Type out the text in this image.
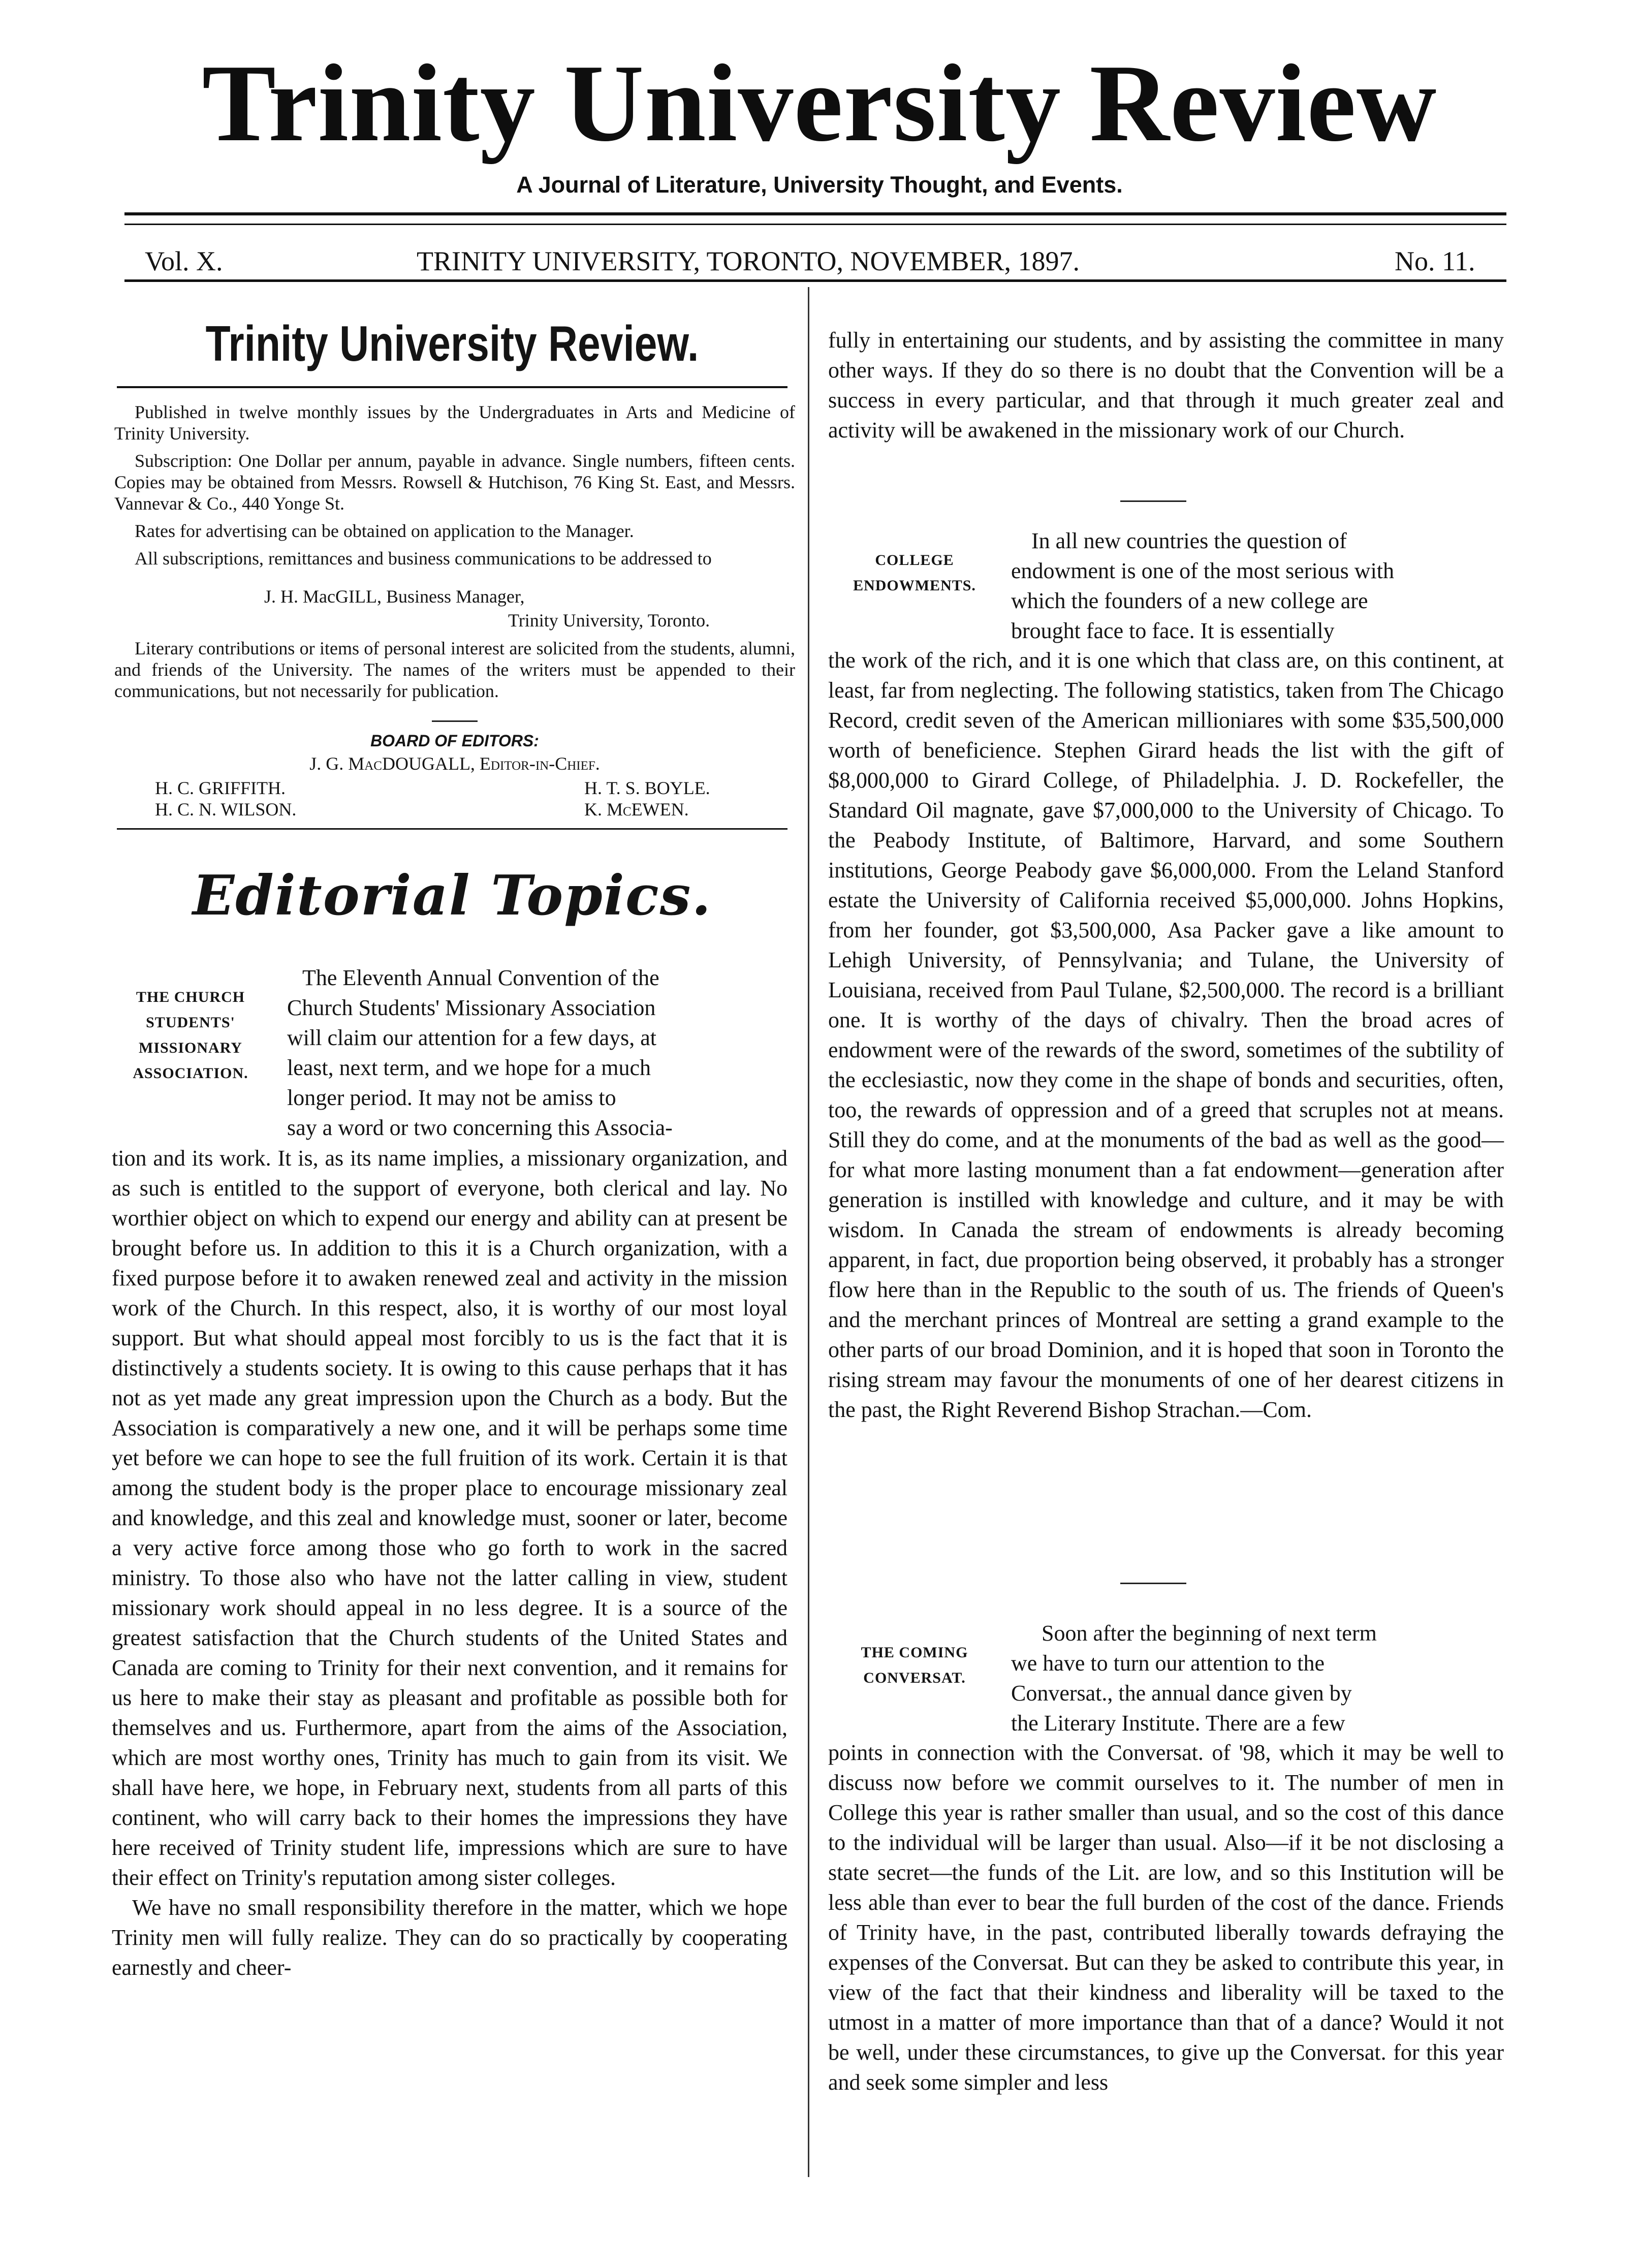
Trinity University Review
A Journal of Literature, University Thought, and Events.
Vol. X.	TRINITY UNIVERSITY, TORONTO, NOVEMBER, 1897.	No. 11.
Trinity University Review.

Published in twelve monthly issues by the Undergraduates in Arts and Medicine of Trinity University.

Subscription: One Dollar per annum, payable in advance. Single numbers, fifteen cents. Copies may be obtained from Messrs. Rowsell & Hutchison, 76 King St. East, and Messrs. Vannevar & Co., 440 Yonge St.

Rates for advertising can be obtained on application to the Manager.

All subscriptions, remittances and business communications to be addressed to

J. H. MacGILL, Business Manager,
Trinity University, Toronto.

Literary contributions or items of personal interest are solicited from the students, alumni, and friends of the University. The names of the writers must be appended to their communications, but not necessarily for publication.

BOARD OF EDITORS:
J. G. MacDOUGALL, Editor-in-Chief.
H. C. GRIFFITH.	H. T. S. BOYLE.
H. C. N. WILSON.	K. McEWEN.
Editorial Topics.
THE CHURCH
STUDENTS'
MISSIONARY
ASSOCIATION.
The Eleventh Annual Convention of the
Church Students' Missionary Association
will claim our attention for a few days, at
least, next term, and we hope for a much
longer period. It may not be amiss to
say a word or two concerning this Associa-

tion and its work. It is, as its name implies, a missionary organization, and as such is entitled to the support of everyone, both clerical and lay. No worthier object on which to expend our energy and ability can at present be brought before us. In addition to this it is a Church organization, with a fixed purpose before it to awaken renewed zeal and activity in the mission work of the Church. In this respect, also, it is worthy of our most loyal support. But what should appeal most forcibly to us is the fact that it is distinctively a students society. It is owing to this cause perhaps that it has not as yet made any great impression upon the Church as a body. But the Association is comparatively a new one, and it will be perhaps some time yet before we can hope to see the full fruition of its work. Certain it is that among the student body is the proper place to encourage missionary zeal and knowledge, and this zeal and knowledge must, sooner or later, become a very active force among those who go forth to work in the sacred ministry. To those also who have not the latter calling in view, student missionary work should appeal in no less degree. It is a source of the greatest satisfaction that the Church students of the United States and Canada are coming to Trinity for their next convention, and it remains for us here to make their stay as pleasant and profitable as possible both for themselves and us. Furthermore, apart from the aims of the Association, which are most worthy ones, Trinity has much to gain from its visit. We shall have here, we hope, in February next, students from all parts of this continent, who will carry back to their homes the impressions they have here received of Trinity student life, impressions which are sure to have their effect on Trinity's reputation among sister colleges.

We have no small responsibility therefore in the matter, which we hope Trinity men will fully realize. They can do so practically by cooperating earnestly and cheer-

fully in entertaining our students, and by assisting the committee in many other ways. If they do so there is no doubt that the Convention will be a success in every particular, and that through it much greater zeal and activity will be awakened in the missionary work of our Church.

COLLEGE
ENDOWMENTS.
In all new countries the question of
endowment is one of the most serious with
which the founders of a new college are
brought face to face. It is essentially

the work of the rich, and it is one which that class are, on this continent, at least, far from neglecting. The following statistics, taken from The Chicago Record, credit seven of the American millioniares with some $35,500,000 worth of beneficience. Stephen Girard heads the list with the gift of $8,000,000 to Girard College, of Philadelphia. J. D. Rockefeller, the Standard Oil magnate, gave $7,000,000 to the University of Chicago. To the Peabody Institute, of Baltimore, Harvard, and some Southern institutions, George Peabody gave $6,000,000. From the Leland Stanford estate the University of California received $5,000,000. Johns Hopkins, from her founder, got $3,500,000, Asa Packer gave a like amount to Lehigh University, of Pennsylvania; and Tulane, the University of Louisiana, received from Paul Tulane, $2,500,000. The record is a brilliant one. It is worthy of the days of chivalry. Then the broad acres of endowment were of the rewards of the sword, sometimes of the subtility of the ecclesiastic, now they come in the shape of bonds and securities, often, too, the rewards of oppression and of a greed that scruples not at means. Still they do come, and at the monuments of the bad as well as the good—for what more lasting monument than a fat endowment—generation after generation is instilled with knowledge and culture, and it may be with wisdom. In Canada the stream of endowments is already becoming apparent, in fact, due proportion being observed, it probably has a stronger flow here than in the Republic to the south of us. The friends of Queen's and the merchant princes of Montreal are setting a grand example to the other parts of our broad Dominion, and it is hoped that soon in Toronto the rising stream may favour the monuments of one of her dearest citizens in the past, the Right Reverend Bishop Strachan.—Com.

THE COMING
CONVERSAT.
Soon after the beginning of next term
we have to turn our attention to the
Conversat., the annual dance given by
the Literary Institute. There are a few

points in connection with the Conversat. of '98, which it may be well to discuss now before we commit ourselves to it. The number of men in College this year is rather smaller than usual, and so the cost of this dance to the individual will be larger than usual. Also—if it be not disclosing a state secret—the funds of the Lit. are low, and so this Institution will be less able than ever to bear the full burden of the cost of the dance. Friends of Trinity have, in the past, contributed liberally towards defraying the expenses of the Conversat. But can they be asked to contribute this year, in view of the fact that their kindness and liberality will be taxed to the utmost in a matter of more importance than that of a dance? Would it not be well, under these circumstances, to give up the Conversat. for this year and seek some simpler and less
